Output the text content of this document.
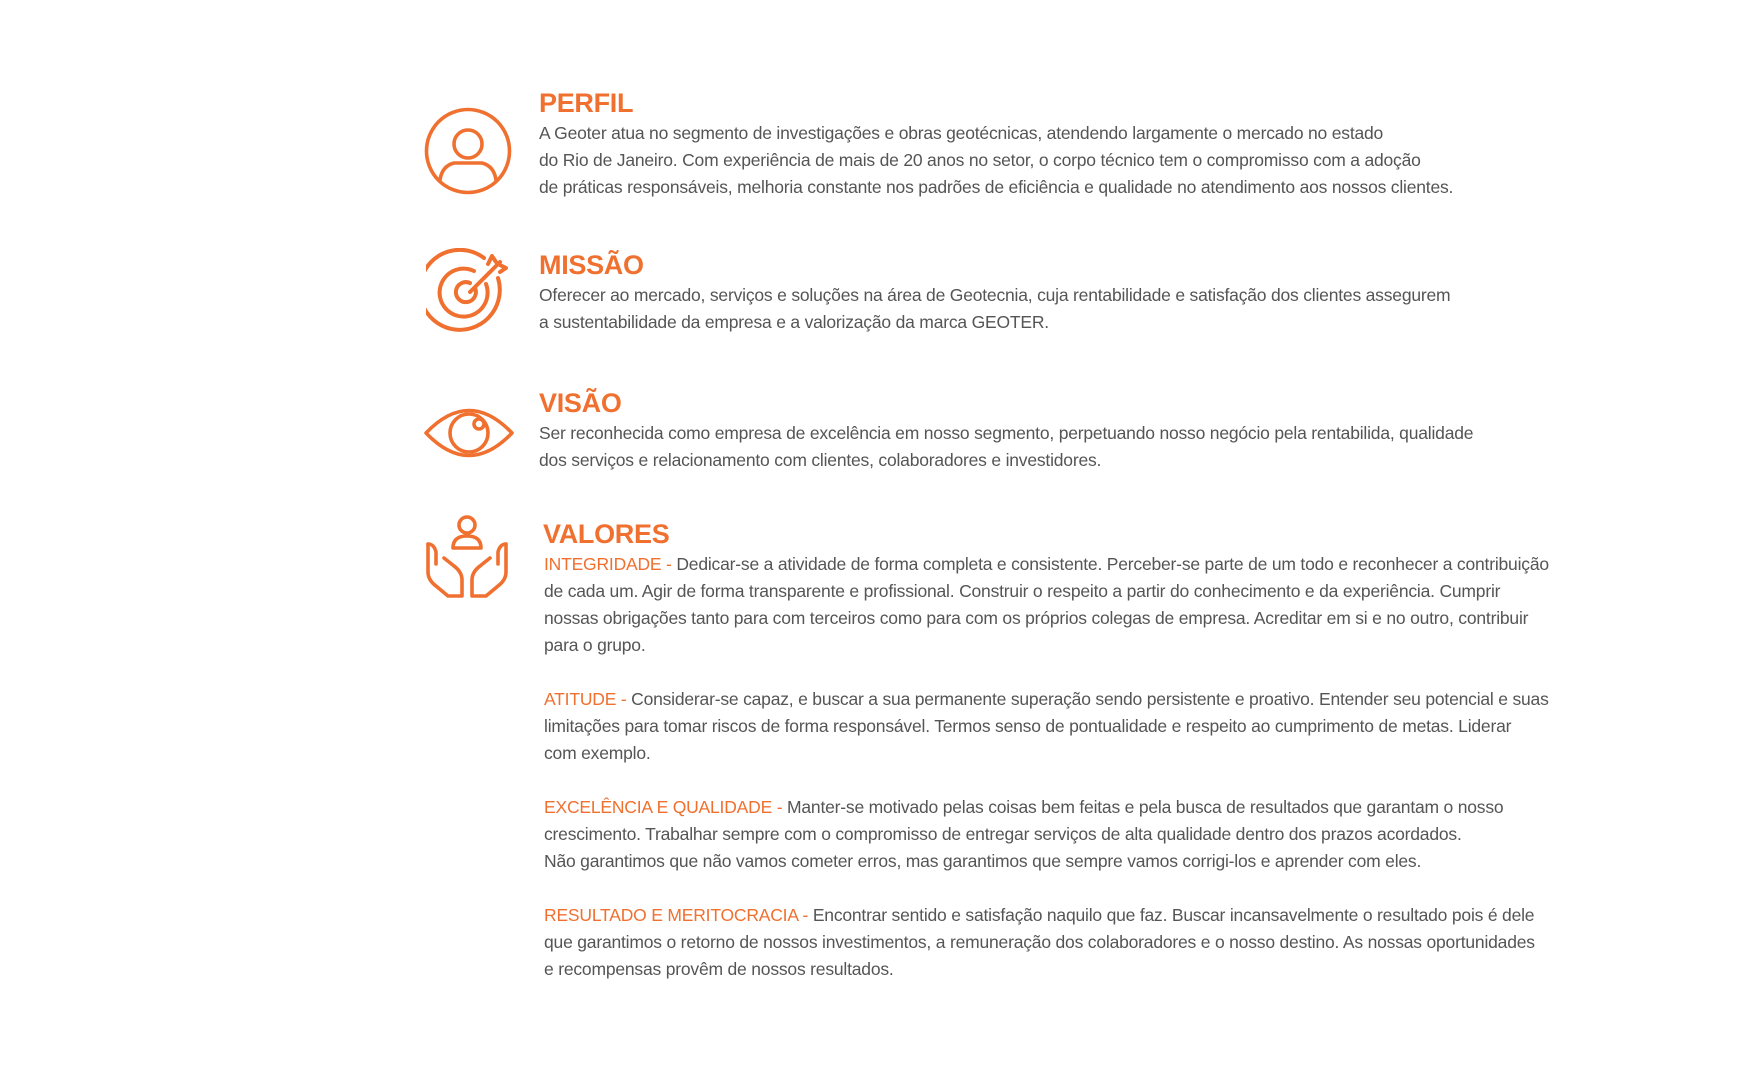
PERFIL
A Geoter atua no segmento de investigações e obras geotécnicas, atendendo largamente o mercado no estado
do Rio de Janeiro. Com experiência de mais de 20 anos no setor, o corpo técnico tem o compromisso com a adoção
de práticas responsáveis, melhoria constante nos padrões de eficiência e qualidade no atendimento aos nossos clientes.
MISSÃO
Oferecer ao mercado, serviços e soluções na área de Geotecnia, cuja rentabilidade e satisfação dos clientes assegurem
a sustentabilidade da empresa e a valorização da marca GEOTER.
VISÃO
Ser reconhecida como empresa de excelência em nosso segmento, perpetuando nosso negócio pela rentabilida, qualidade
dos serviços e relacionamento com clientes, colaboradores e investidores.
VALORES
INTEGRIDADE - Dedicar-se a atividade de forma completa e consistente. Perceber-se parte de um todo e reconhecer a contribuição
de cada um. Agir de forma transparente e profissional. Construir o respeito a partir do conhecimento e da experiência. Cumprir
nossas obrigações tanto para com terceiros como para com os próprios colegas de empresa. Acreditar em si e no outro, contribuir
para o grupo.
ATITUDE - Considerar-se capaz, e buscar a sua permanente superação sendo persistente e proativo. Entender seu potencial e suas
limitações para tomar riscos de forma responsável. Termos senso de pontualidade e respeito ao cumprimento de metas. Liderar
com exemplo.
EXCELÊNCIA E QUALIDADE - Manter-se motivado pelas coisas bem feitas e pela busca de resultados que garantam o nosso
crescimento. Trabalhar sempre com o compromisso de entregar serviços de alta qualidade dentro dos prazos acordados.
Não garantimos que não vamos cometer erros, mas garantimos que sempre vamos corrigi-los e aprender com eles.
RESULTADO E MERITOCRACIA - Encontrar sentido e satisfação naquilo que faz. Buscar incansavelmente o resultado pois é dele
que garantimos o retorno de nossos investimentos, a remuneração dos colaboradores e o nosso destino. As nossas oportunidades
e recompensas provêm de nossos resultados.
